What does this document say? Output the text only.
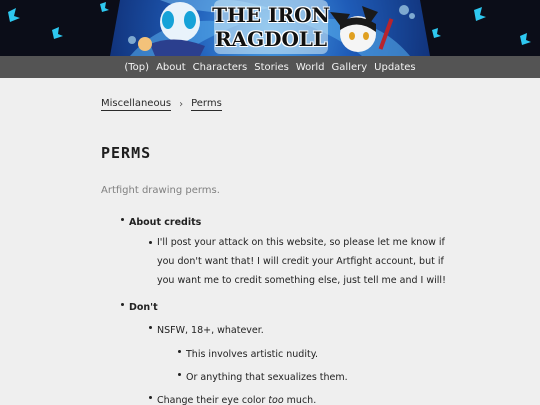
THE IRON
RAGDOLL
(Top) About Characters Stories World Gallery Updates
Miscellaneous › Perms
PERMS

Artfight drawing perms.

About credits
I'll post your attack on this website, so please let me know if
you don't want that! I will credit your Artfight account, but if
you want me to credit something else, just tell me and I will!
Don't
NSFW, 18+, whatever.
This involves artistic nudity.
Or anything that sexualizes them.
Change their eye color too much.
